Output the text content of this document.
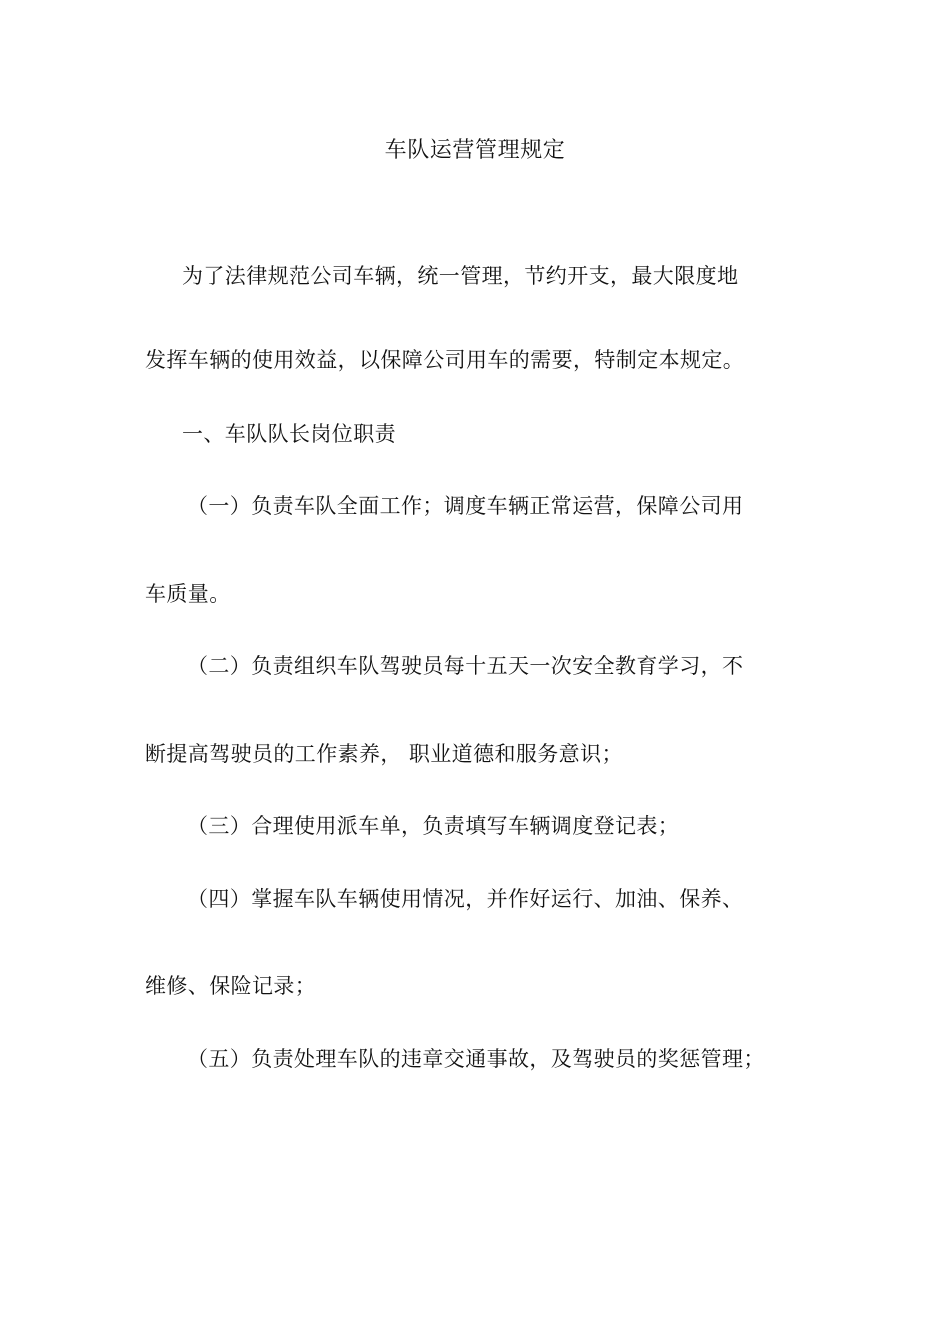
车队运营管理规定
为了法律规范公司车辆，统一管理，节约开支，最大限度地
发挥车辆的使用效益，以保障公司用车的需要，特制定本规定。
一、车队队长岗位职责
（一）负责车队全面工作；调度车辆正常运营，保障公司用
车质量。
（二）负责组织车队驾驶员每十五天一次安全教育学习，不
断提高驾驶员的工作素养， 职业道德和服务意识；
（三）合理使用派车单，负责填写车辆调度登记表；
（四）掌握车队车辆使用情况，并作好运行、加油、保养、
维修、保险记录；
（五）负责处理车队的违章交通事故，及驾驶员的奖惩管理；
